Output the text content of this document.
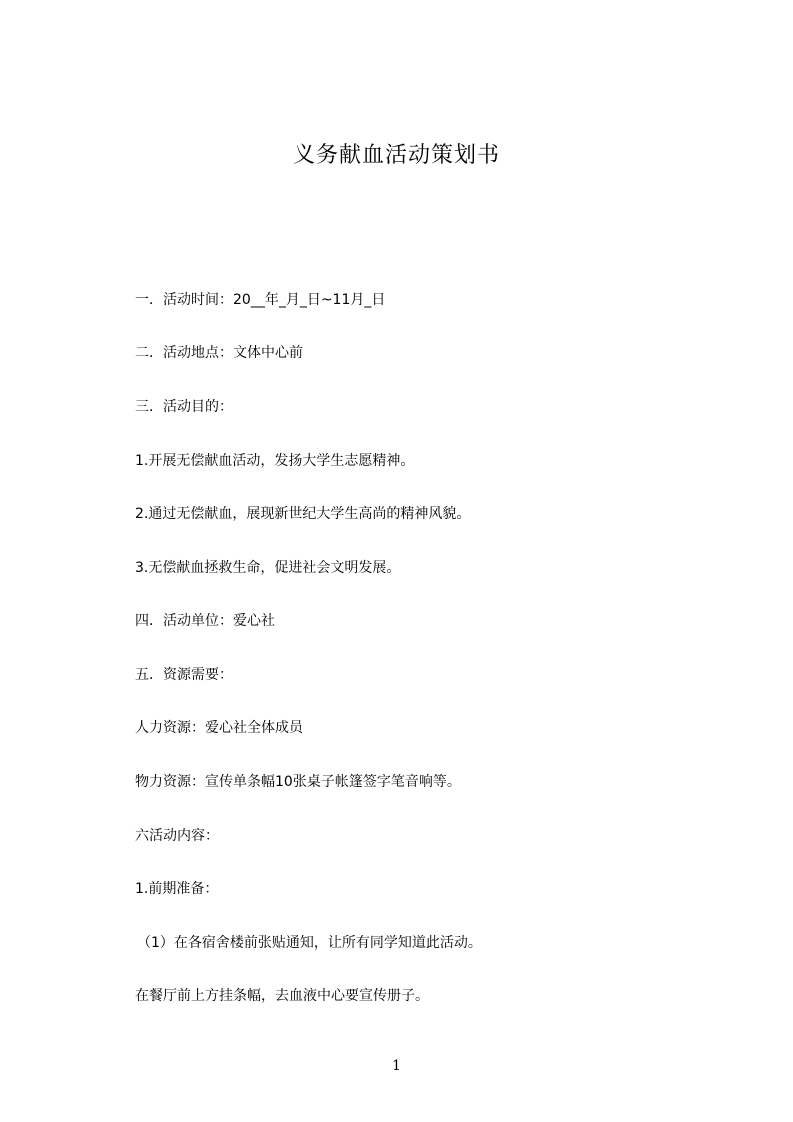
义务献血活动策划书
一．活动时间：20__年_月_日~11月_日
二．活动地点：文体中心前
三．活动目的：
1.开展无偿献血活动，发扬大学生志愿精神。
2.通过无偿献血，展现新世纪大学生高尚的精神风貌。
3.无偿献血拯救生命，促进社会文明发展。
四．活动单位：爱心社
五．资源需要：
人力资源：爱心社全体成员
物力资源：宣传单条幅10张桌子帐篷签字笔音响等。
六活动内容：
1.前期准备：
（1）在各宿舍楼前张贴通知，让所有同学知道此活动。
在餐厅前上方挂条幅，去血液中心要宣传册子。
1
